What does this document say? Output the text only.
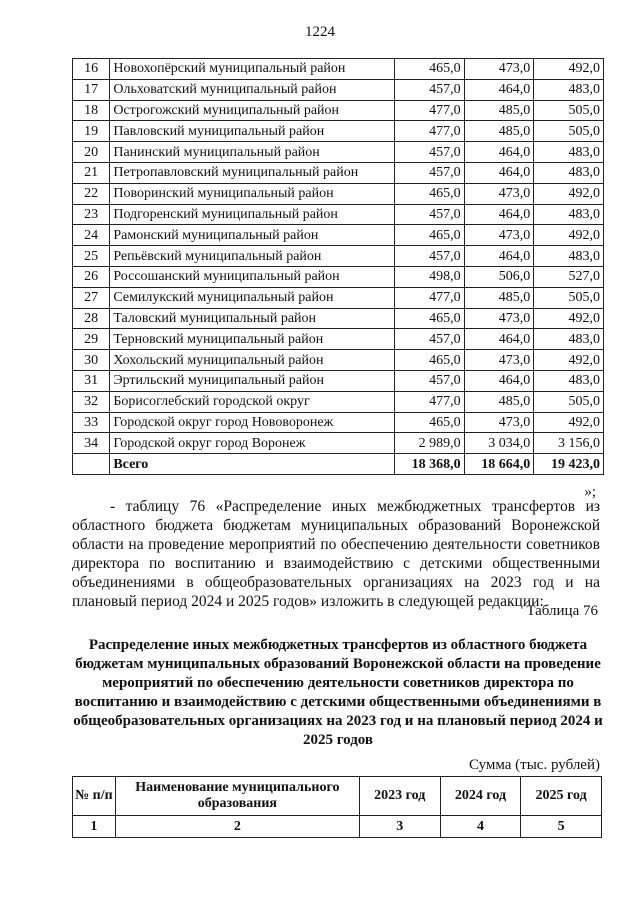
1224
16	Новохопёрский муниципальный район	465,0	473,0	492,0
17	Ольховатский муниципальный район	457,0	464,0	483,0
18	Острогожский муниципальный район	477,0	485,0	505,0
19	Павловский муниципальный район	477,0	485,0	505,0
20	Панинский муниципальный район	457,0	464,0	483,0
21	Петропавловский муниципальный район	457,0	464,0	483,0
22	Поворинский муниципальный район	465,0	473,0	492,0
23	Подгоренский муниципальный район	457,0	464,0	483,0
24	Рамонский муниципальный район	465,0	473,0	492,0
25	Репьёвский муниципальный район	457,0	464,0	483,0
26	Россошанский муниципальный район	498,0	506,0	527,0
27	Семилукский муниципальный район	477,0	485,0	505,0
28	Таловский муниципальный район	465,0	473,0	492,0
29	Терновский муниципальный район	457,0	464,0	483,0
30	Хохольский муниципальный район	465,0	473,0	492,0
31	Эртильский муниципальный район	457,0	464,0	483,0
32	Борисоглебский городской округ	477,0	485,0	505,0
33	Городской округ город Нововоронеж	465,0	473,0	492,0
34	Городской округ город Воронеж	2 989,0	3 034,0	3 156,0
	Всего	18 368,0	18 664,0	19 423,0
»;

- таблицу 76 «Распределение иных межбюджетных трансфертов из областного бюджета бюджетам муниципальных образований Воронежской области на проведение мероприятий по обеспечению деятельности советников директора по воспитанию и взаимодействию с детскими общественными объединениями в общеобразовательных организациях на 2023 год и на плановый период 2024 и 2025 годов» изложить в следующей редакции:

Таблица 76

Распределение иных межбюджетных трансфертов из областного бюджета бюджетам муниципальных образований Воронежской области на проведение мероприятий по обеспечению деятельности советников директора по воспитанию и взаимодействию с детскими общественными объединениями в общеобразовательных организациях на 2023 год и на плановый период 2024 и 2025 годов

Сумма (тыс. рублей)
№ п/п	Наименование муниципального образования	2023 год	2024 год	2025 год
1	2	3	4	5
